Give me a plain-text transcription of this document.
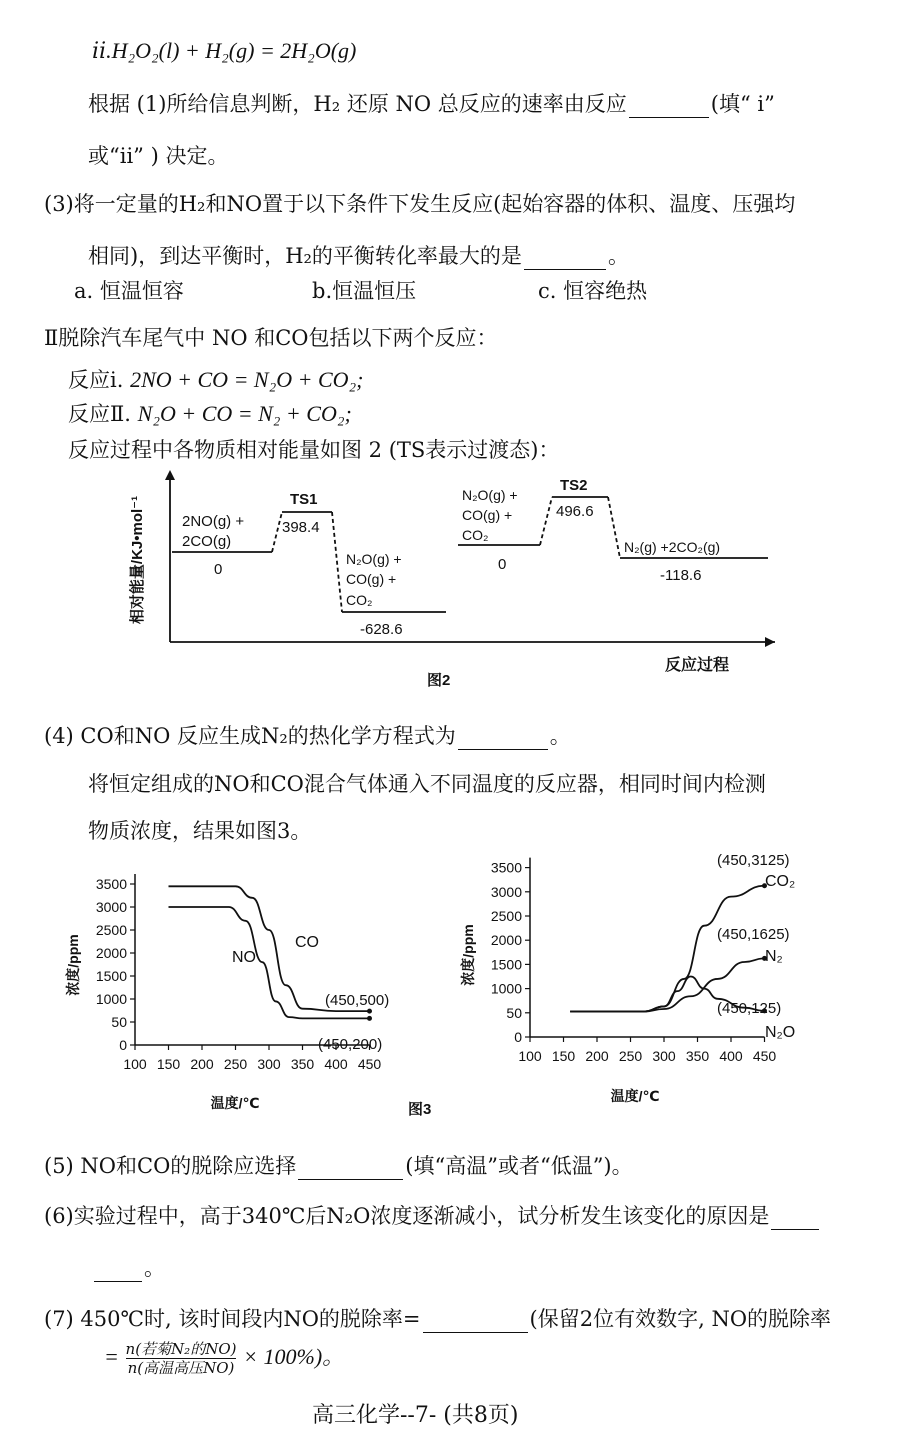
ⅱ.H₂O₂(l) + H₂(g) = 2H₂O(g)
根据 (1)所给信息判断，H₂ 还原 NO 总反应的速率由反应	(填“ i”
或“ii” ) 决定。
(3)将一定量的H₂和NO置于以下条件下发生反应(起始容器的体积、温度、压强均
相同)，到达平衡时，H₂的平衡转化率最大的是	。
a. 恒温恒容	b.恒温恒压	c. 恒容绝热
Ⅱ脱除汽车尾气中 NO 和CO包括以下两个反应：
反应ⅰ. 2NO + CO = N₂O + CO₂;
反应Ⅱ. N₂O + CO = N₂ + CO₂;
反应过程中各物质相对能量如图 2 (TS表示过渡态)：
相对能量/KJ•mol⁻¹ 2NO(g) +
2CO(g)
0
TS1
398.4
N₂O(g) +
CO(g) +
CO₂
-628.6
N₂O(g) +
CO(g) +
CO₂
0
TS2
496.6
N₂(g) +2CO₂(g)
-118.6
反应过程
图2
(4) CO和NO 反应生成N₂的热化学方程式为	。
将恒定组成的NO和CO混合气体通入不同温度的反应器，相同时间内检测
物质浓度，结果如图3。
0
50
1000
1500
2000
2500
3000
3500
100 150 200 250 300 350 400 450
浓度/ppm
温度/℃
CO
NO
(450,500)
(450,200)	0
50
1000
1500
2000
2500
3000
3500
100 150 200 250 300 350 400 450
浓度/ppm
温度/℃
CO₂
N₂
N₂O
(450,3125)
(450,1625)
(450,125)
图3
(5) NO和CO的脱除应选择	(填“高温”或者“低温”)。
(6)实验过程中，高于340℃后N₂O浓度逐渐减小，试分析发生该变化的原因是
。
(7) 450℃时, 该时间段内NO的脱除率=	(保留2位有效数字, NO的脱除率
= $\frac{\text{n(若菊N₂的NO)}}{\text{n(高温高压NO)}} \times 100\%$)。
高三化学--7- (共8页)
